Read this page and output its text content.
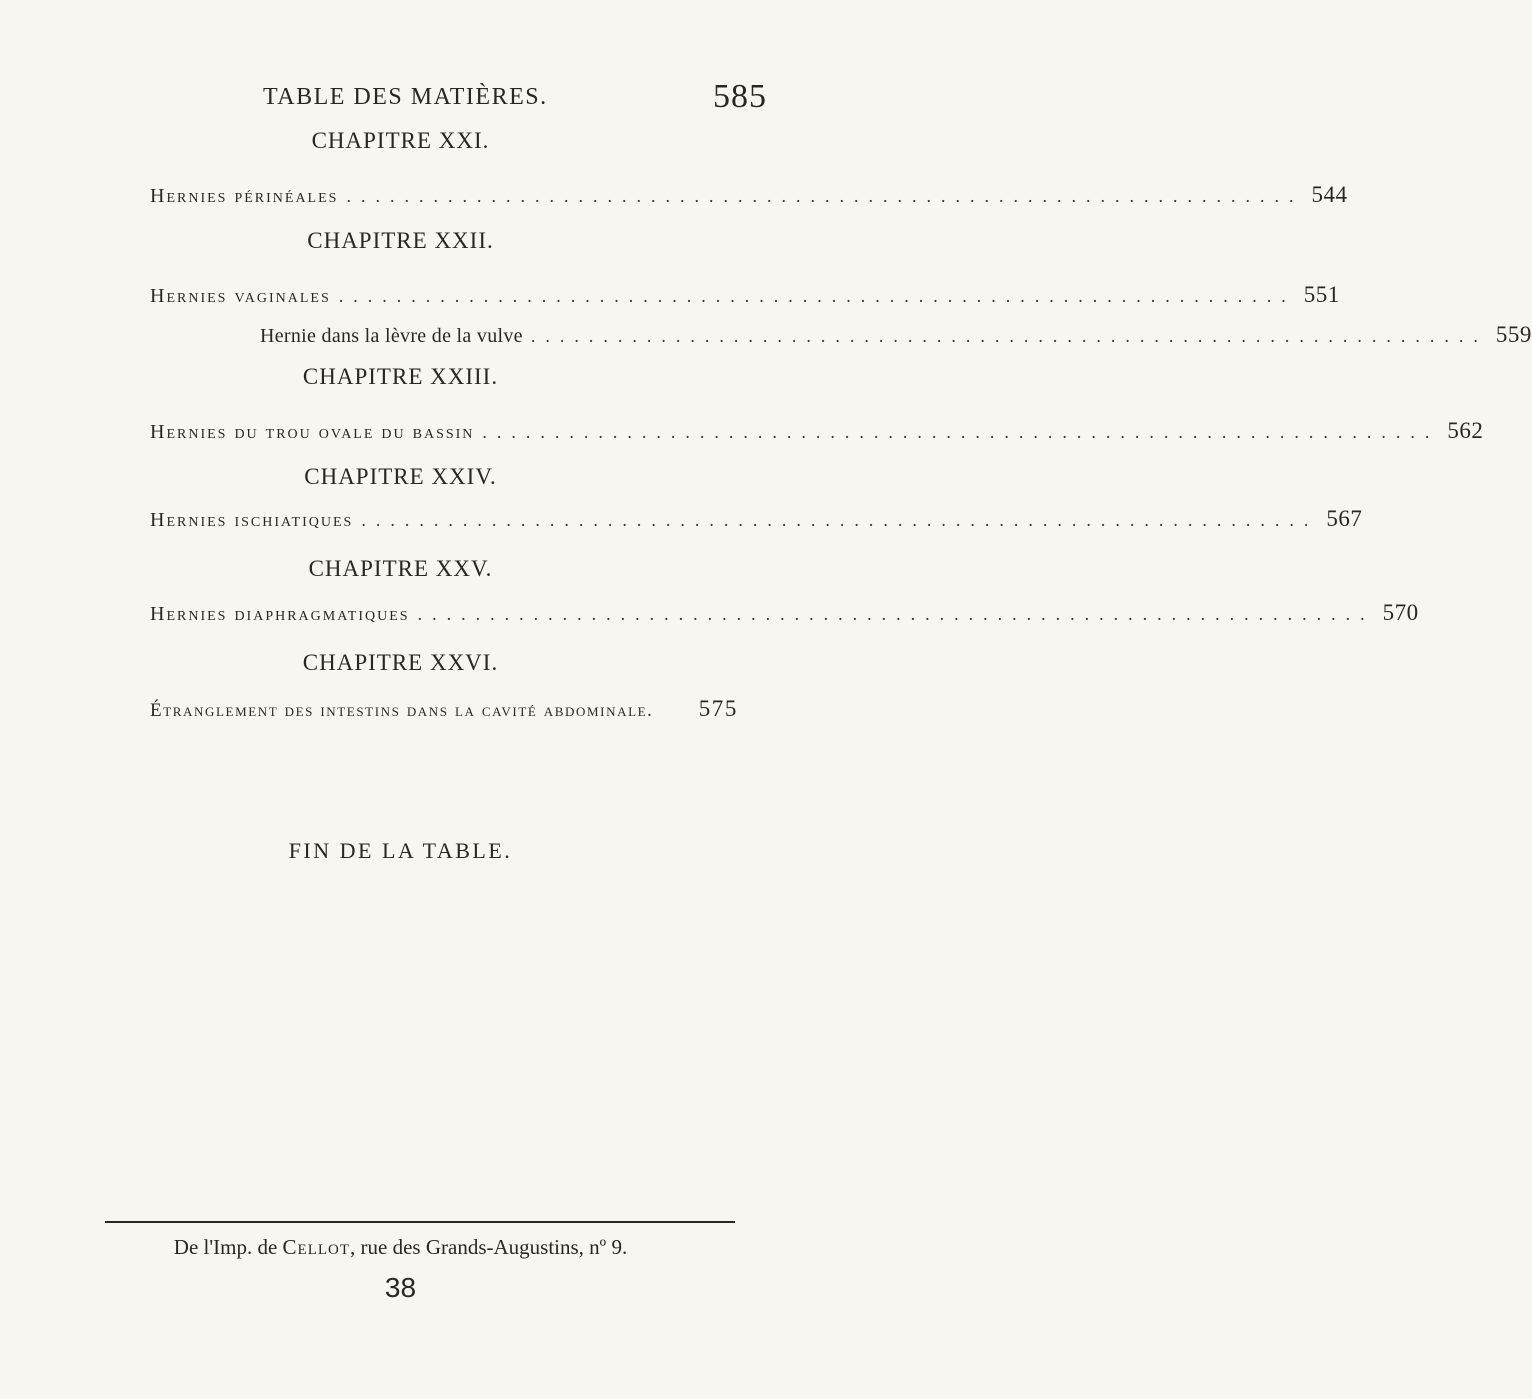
TABLE DES MATIÈRES.	585
CHAPITRE XXI.
Hernies périnéales .................................................................. 544
CHAPITRE XXII.
Hernies vaginales .................................................................. 551
Hernie dans la lèvre de la vulve .................................................................. 559
CHAPITRE XXIII.
Hernies du trou ovale du bassin .................................................................. 562
CHAPITRE XXIV.
Hernies ischiatiques .................................................................. 567
CHAPITRE XXV.
Hernies diaphragmatiques .................................................................. 570
CHAPITRE XXVI.
Étranglement des intestins dans la cavité abdominale. 575
FIN DE LA TABLE.
De l'Imp. de Cellot, rue des Grands-Augustins, nº 9.
38
